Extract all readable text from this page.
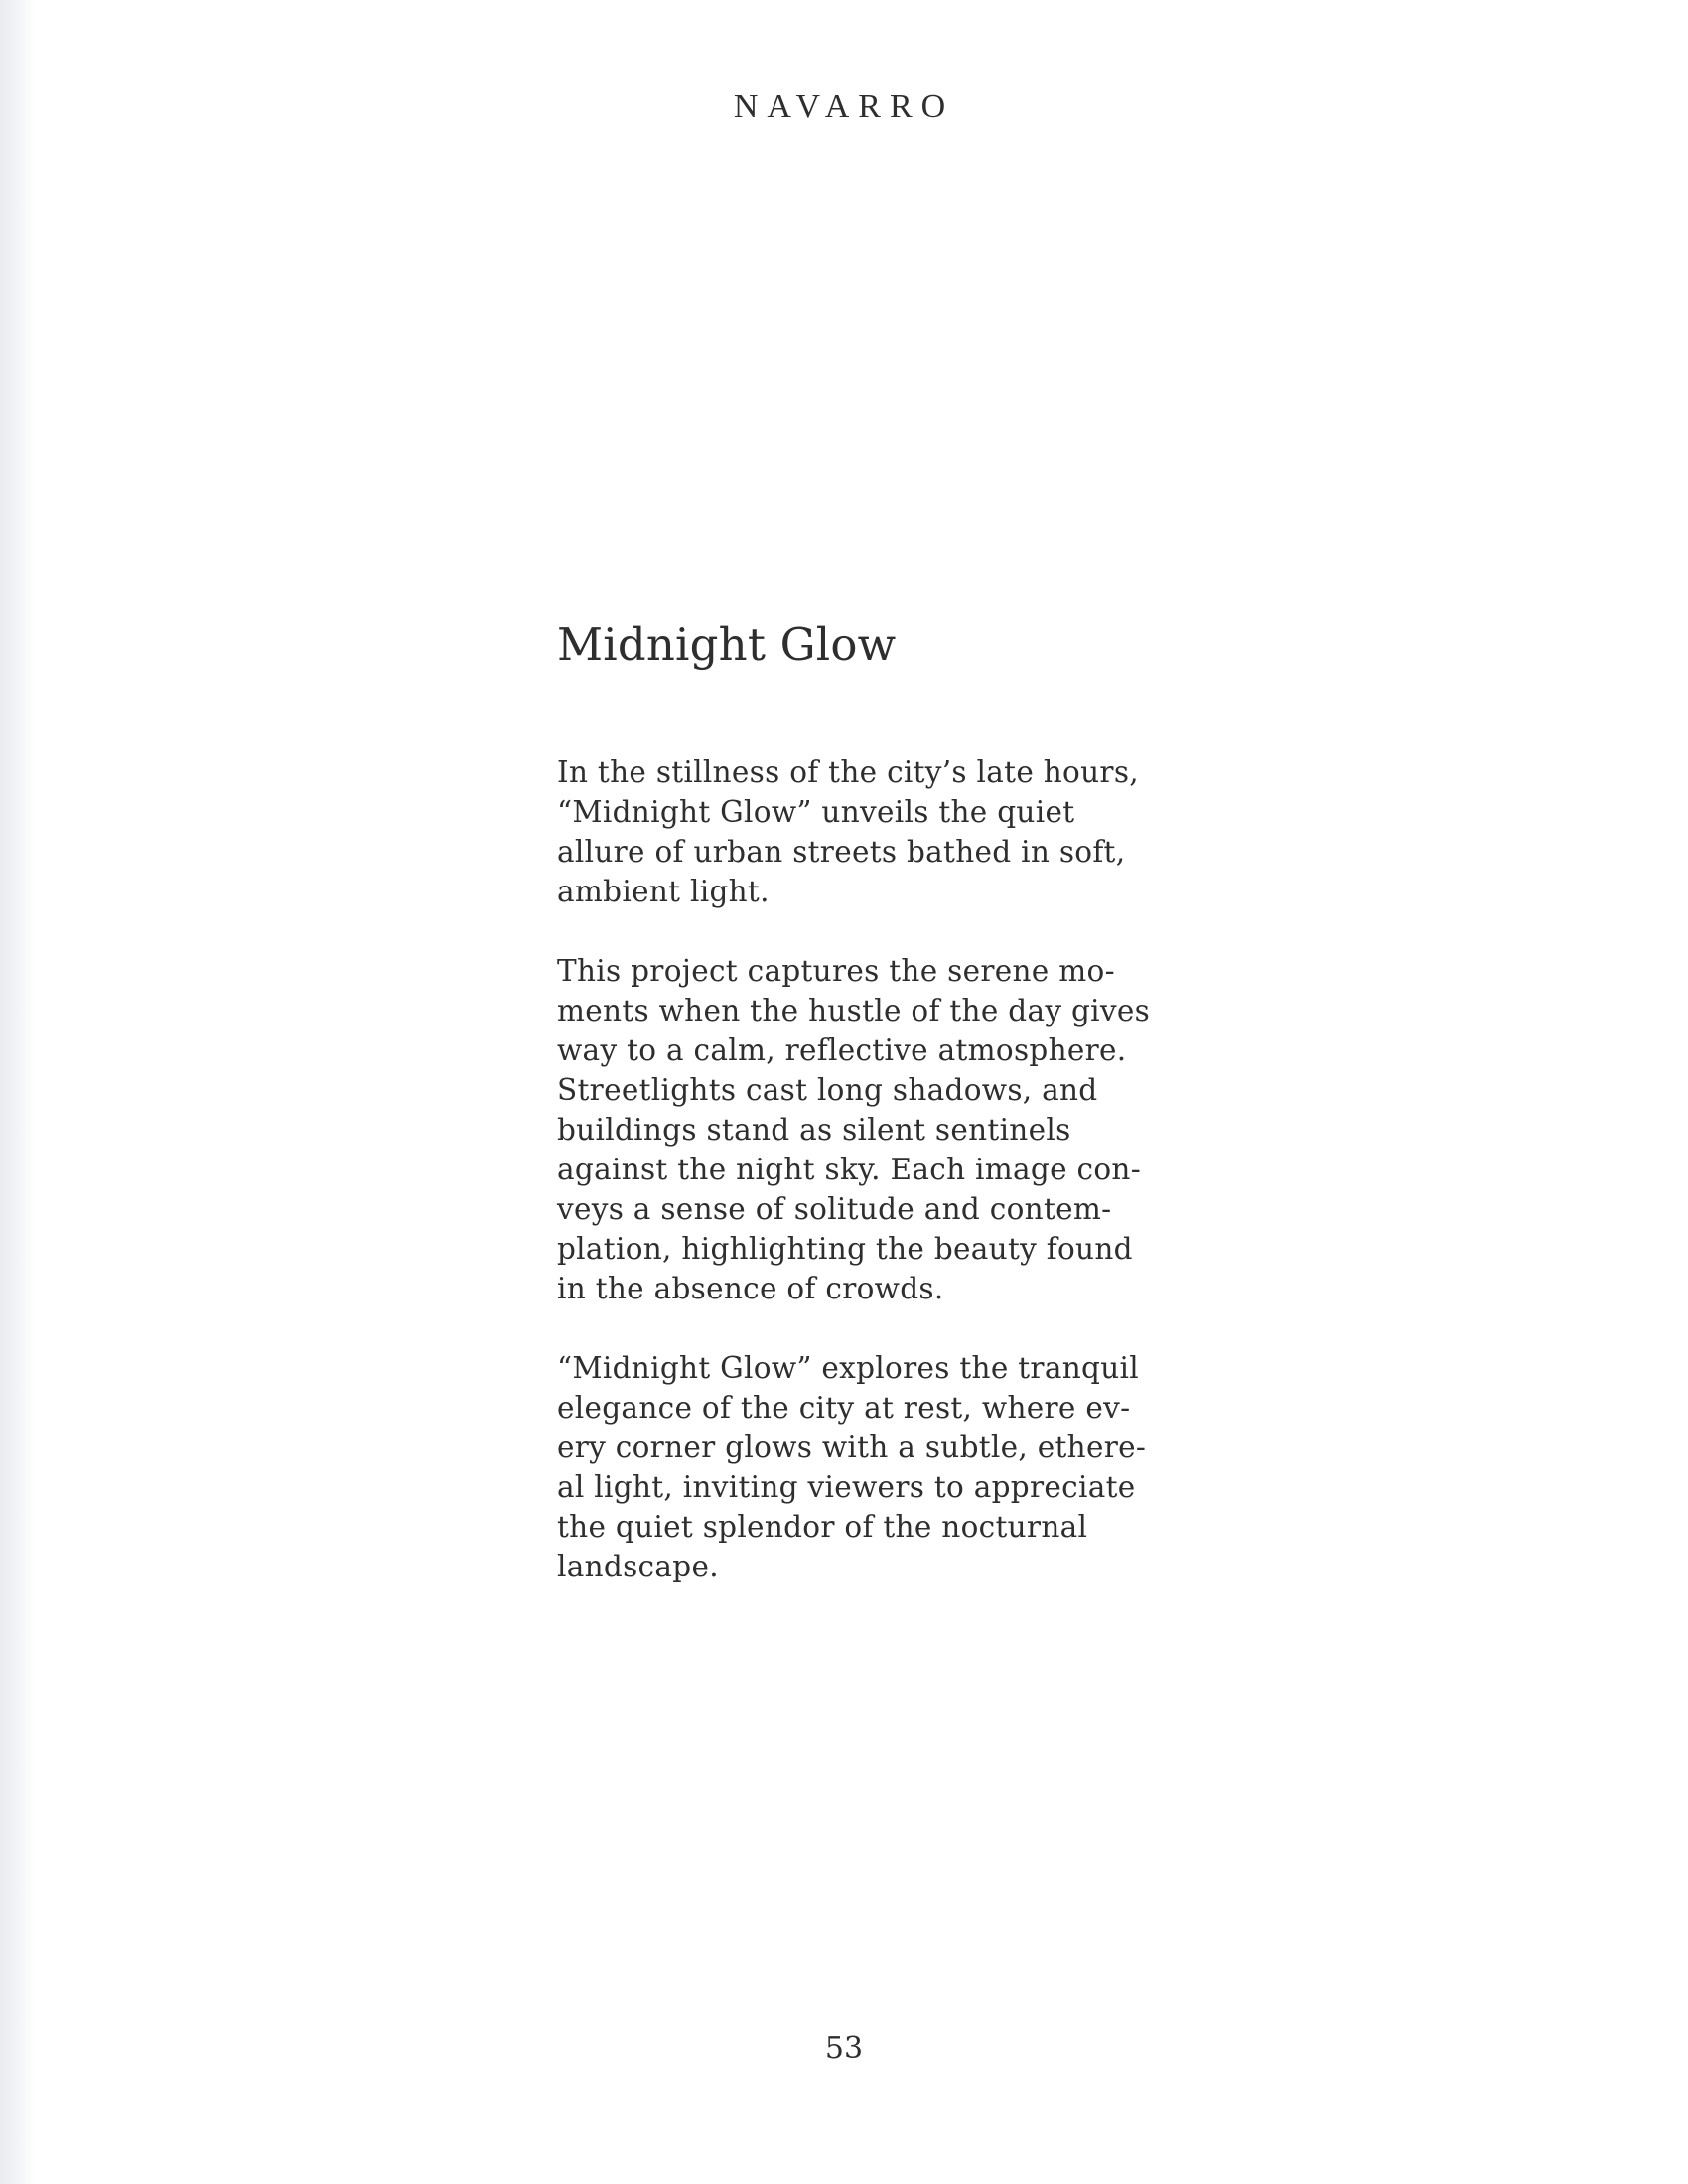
NAVARRO
Midnight Glow

In the stillness of the city’s late hours,
“Midnight Glow” unveils the quiet
allure of urban streets bathed in soft,
ambient light.

This project captures the serene mo-
ments when the hustle of the day gives
way to a calm, reflective atmosphere.
Streetlights cast long shadows, and
buildings stand as silent sentinels
against the night sky. Each image con-
veys a sense of solitude and contem-
plation, highlighting the beauty found
in the absence of crowds.

“Midnight Glow” explores the tranquil
elegance of the city at rest, where ev-
ery corner glows with a subtle, ethere-
al light, inviting viewers to appreciate
the quiet splendor of the nocturnal
landscape.

53
